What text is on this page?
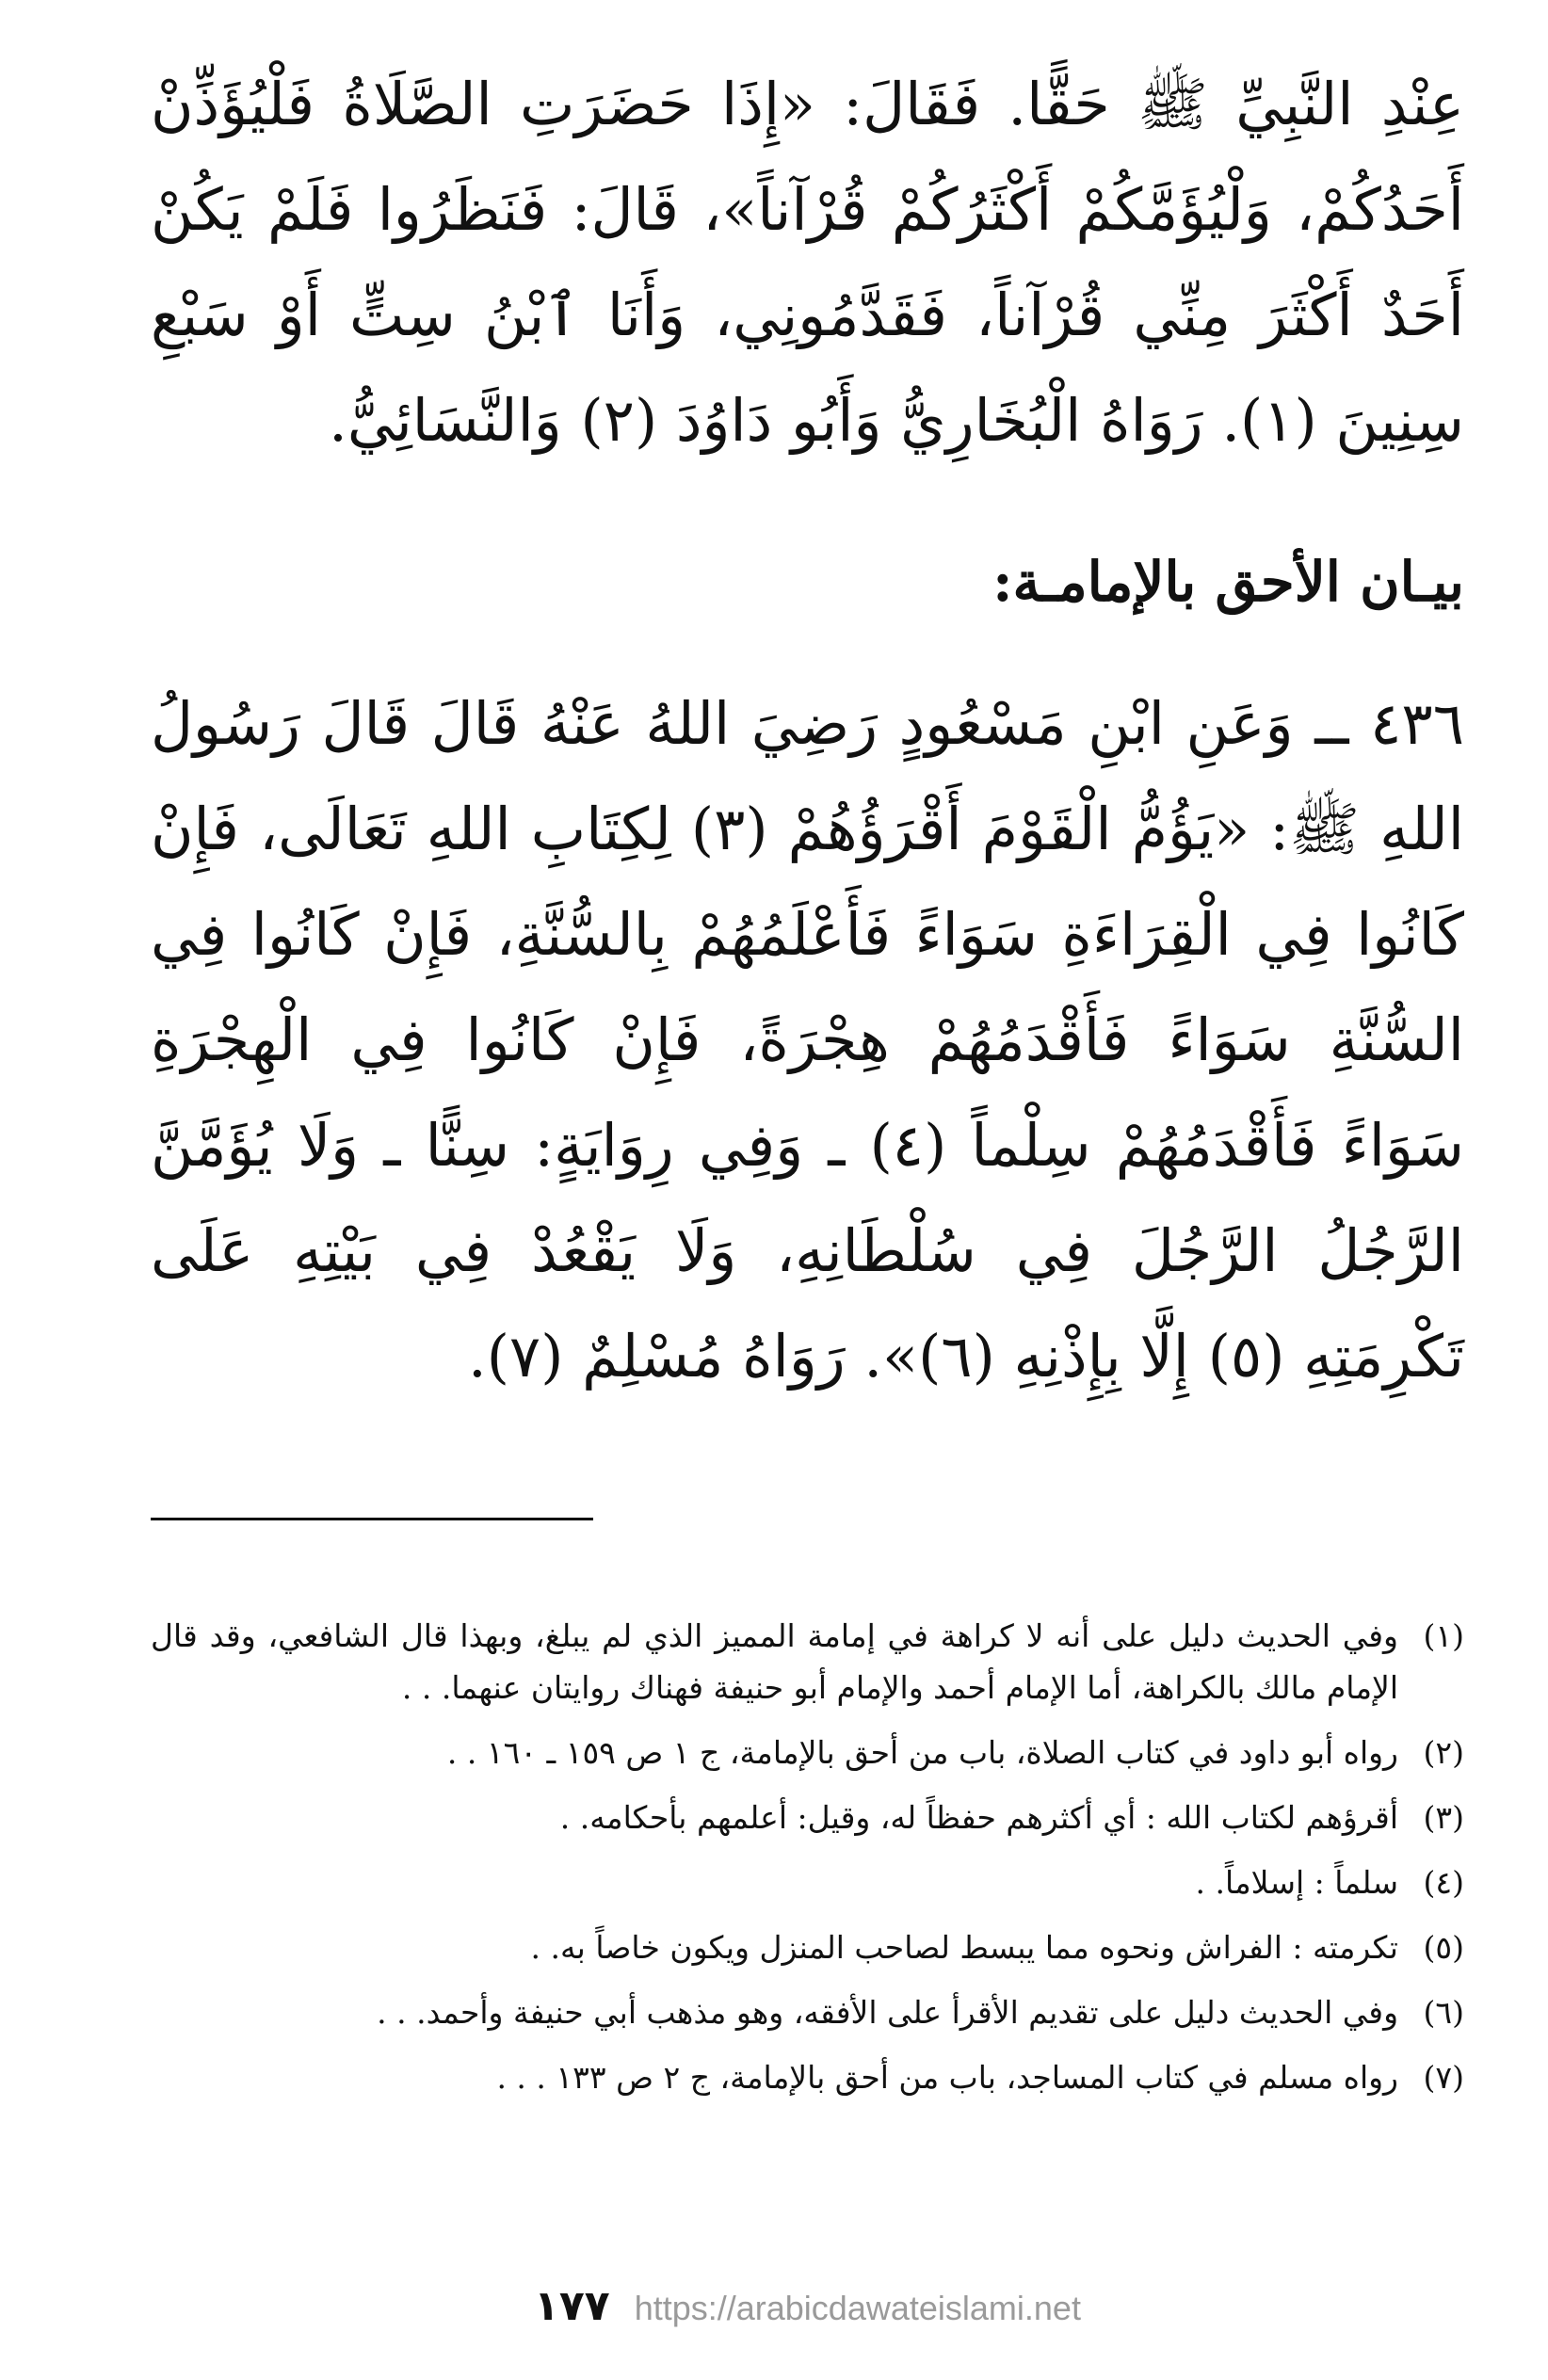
عِنْدِ النَّبِيِّ ﷺ حَقًّا. فَقَالَ: «إِذَا حَضَرَتِ الصَّلَاةُ فَلْيُؤَذِّنْ أَحَدُكُمْ، وَلْيُؤَمَّكُمْ أَكْثَرُكُمْ قُرْآناً»، قَالَ: فَنَظَرُوا فَلَمْ يَكُنْ أَحَدٌ أَكْثَرَ مِنِّي قُرْآناً، فَقَدَّمُونِي، وَأَنَا ٱبْنُ سِتٍّ أَوْ سَبْعِ سِنِينَ (١). رَوَاهُ الْبُخَارِيُّ وَأَبُو دَاوُدَ (٢) وَالنَّسَائِيُّ.

بيـان الأحق بالإمامـة:

٤٣٦ ــ وَعَنِ ابْنِ مَسْعُودٍ رَضِيَ اللهُ عَنْهُ قَالَ قَالَ رَسُولُ اللهِ ﷺ: «يَؤُمُّ الْقَوْمَ أَقْرَؤُهُمْ (٣) لِكِتَابِ اللهِ تَعَالَى، فَإِنْ كَانُوا فِي الْقِرَاءَةِ سَوَاءً فَأَعْلَمُهُمْ بِالسُّنَّةِ، فَإِنْ كَانُوا فِي السُّنَّةِ سَوَاءً فَأَقْدَمُهُمْ هِجْرَةً، فَإِنْ كَانُوا فِي الْهِجْرَةِ سَوَاءً فَأَقْدَمُهُمْ سِلْماً (٤) ـ وَفِي رِوَايَةٍ: سِنًّا ـ وَلَا يُؤَمَّنَّ الرَّجُلُ الرَّجُلَ فِي سُلْطَانِهِ، وَلَا يَقْعُدْ فِي بَيْتِهِ عَلَى تَكْرِمَتِهِ (٥) إِلَّا بِإِذْنِهِ (٦)». رَوَاهُ مُسْلِمٌ (٧).

(١)
وفي الحديث دليل على أنه لا كراهة في إمامة المميز الذي لم يبلغ، وبهذا قال الشافعي، وقد قال الإمام مالك بالكراهة، أما الإمام أحمد والإمام أبو حنيفة فهناك روايتان عنهما. . .
(٢)
رواه أبو داود في كتاب الصلاة، باب من أحق بالإمامة، ج ١ ص ١٥٩ ـ ١٦٠ . .
(٣)
أقرؤهم لكتاب الله : أي أكثرهم حفظاً له، وقيل: أعلمهم بأحكامه. .
(٤)
سلماً : إسلاماً. .
(٥)
تكرمته : الفراش ونحوه مما يبسط لصاحب المنزل ويكون خاصاً به. .
(٦)
وفي الحديث دليل على تقديم الأقرأ على الأفقه، وهو مذهب أبي حنيفة وأحمد. . .
(٧)
رواه مسلم في كتاب المساجد، باب من أحق بالإمامة، ج ٢ ص ١٣٣ . . .
١٧٧ https://arabicdawateislami.net
